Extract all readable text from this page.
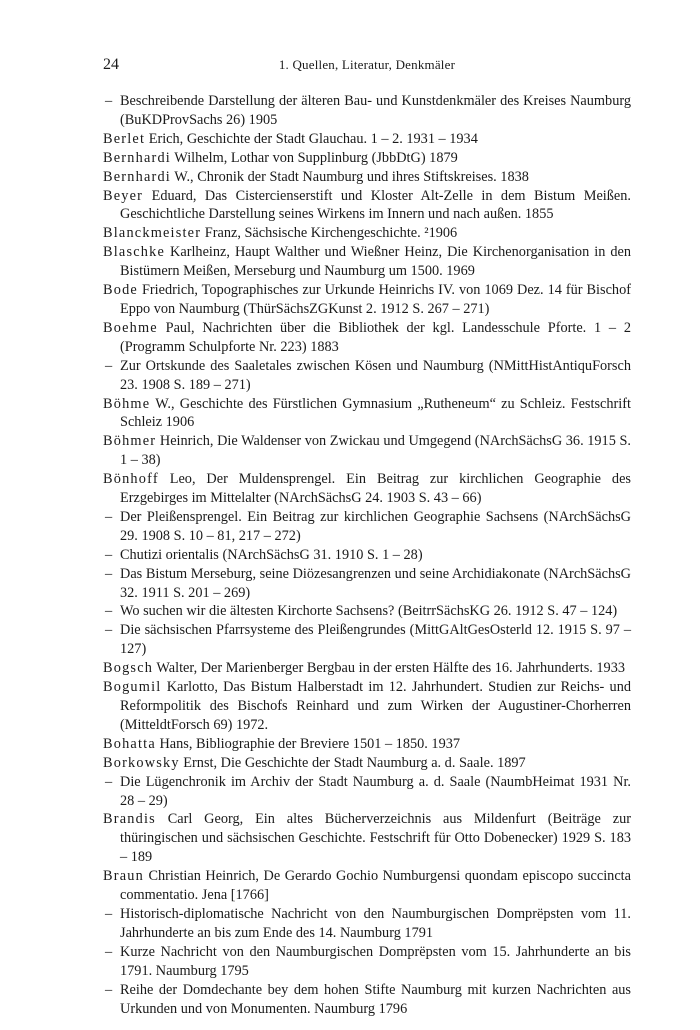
24	1. Quellen, Literatur, Denkmäler

– Beschreibende Darstellung der älteren Bau- und Kunstdenkmäler des Kreises Naumburg (BuKDProvSachs 26) 1905

Berlet Erich, Geschichte der Stadt Glauchau. 1 – 2. 1931 – 1934

Bernhardi Wilhelm, Lothar von Supplinburg (JbbDtG) 1879

Bernhardi W., Chronik der Stadt Naumburg und ihres Stiftskreises. 1838

Beyer Eduard, Das Cistercienserstift und Kloster Alt-Zelle in dem Bistum Meißen. Geschichtliche Darstellung seines Wirkens im Innern und nach außen. 1855

Blanckmeister Franz, Sächsische Kirchengeschichte. ²1906

Blaschke Karlheinz, Haupt Walther und Wießner Heinz, Die Kirchenorganisation in den Bistümern Meißen, Merseburg und Naumburg um 1500. 1969

Bode Friedrich, Topographisches zur Urkunde Heinrichs IV. von 1069 Dez. 14 für Bischof Eppo von Naumburg (ThürSächsZGKunst 2. 1912 S. 267 – 271)

Boehme Paul, Nachrichten über die Bibliothek der kgl. Landesschule Pforte. 1 – 2 (Programm Schulpforte Nr. 223) 1883

– Zur Ortskunde des Saaletales zwischen Kösen und Naumburg (NMittHistAntiquForsch 23. 1908 S. 189 – 271)

Böhme W., Geschichte des Fürstlichen Gymnasium „Rutheneum“ zu Schleiz. Festschrift Schleiz 1906

Böhmer Heinrich, Die Waldenser von Zwickau und Umgegend (NArchSächsG 36. 1915 S. 1 – 38)

Bönhoff Leo, Der Muldensprengel. Ein Beitrag zur kirchlichen Geographie des Erzgebirges im Mittelalter (NArchSächsG 24. 1903 S. 43 – 66)

– Der Pleißensprengel. Ein Beitrag zur kirchlichen Geographie Sachsens (NArchSächsG 29. 1908 S. 10 – 81, 217 – 272)

– Chutizi orientalis (NArchSächsG 31. 1910 S. 1 – 28)

– Das Bistum Merseburg, seine Diözesangrenzen und seine Archidiakonate (NArchSächsG 32. 1911 S. 201 – 269)

– Wo suchen wir die ältesten Kirchorte Sachsens? (BeitrrSächsKG 26. 1912 S. 47 – 124)

– Die sächsischen Pfarrsysteme des Pleißengrundes (MittGAltGesOsterld 12. 1915 S. 97 – 127)

Bogsch Walter, Der Marienberger Bergbau in der ersten Hälfte des 16. Jahrhunderts. 1933

Bogumil Karlotto, Das Bistum Halberstadt im 12. Jahrhundert. Studien zur Reichs- und Reformpolitik des Bischofs Reinhard und zum Wirken der Augustiner-Chorherren (MitteldtForsch 69) 1972.

Bohatta Hans, Bibliographie der Breviere 1501 – 1850. 1937

Borkowsky Ernst, Die Geschichte der Stadt Naumburg a. d. Saale. 1897

– Die Lügenchronik im Archiv der Stadt Naumburg a. d. Saale (NaumbHeimat 1931 Nr. 28 – 29)

Brandis Carl Georg, Ein altes Bücherverzeichnis aus Mildenfurt (Beiträge zur thüringischen und sächsischen Geschichte. Festschrift für Otto Dobenecker) 1929 S. 183 – 189

Braun Christian Heinrich, De Gerardo Gochio Numburgensi quondam episcopo succincta commentatio. Jena [1766]

– Historisch-diplomatische Nachricht von den Naumburgischen Domprëpsten vom 11. Jahrhunderte an bis zum Ende des 14. Naumburg 1791

– Kurze Nachricht von den Naumburgischen Domprëpsten vom 15. Jahrhunderte an bis 1791. Naumburg 1795

– Reihe der Domdechante bey dem hohen Stifte Naumburg mit kurzen Nachrichten aus Urkunden und von Monumenten. Naumburg 1796
